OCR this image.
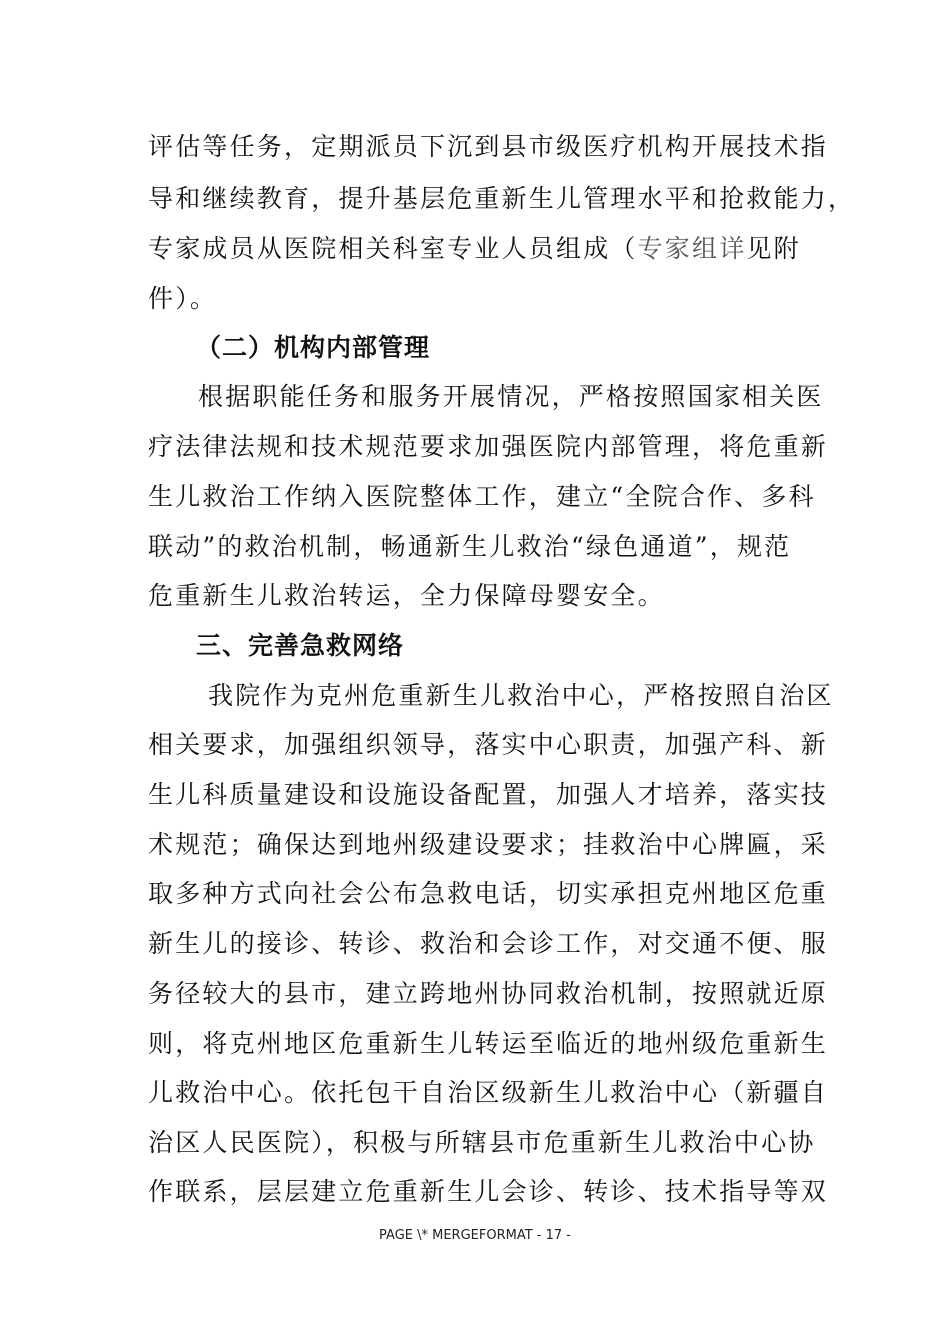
评估等任务，定期派员下沉到县市级医疗机构开展技术指
导和继续教育，提升基层危重新生儿管理水平和抢救能力，
专家成员从医院相关科室专业人员组成（专家组详见附
件）。
（二）机构内部管理
根据职能任务和服务开展情况，严格按照国家相关医
疗法律法规和技术规范要求加强医院内部管理，将危重新
生儿救治工作纳入医院整体工作，建立“全院合作、多科
联动”的救治机制，畅通新生儿救治“绿色通道”，规范
危重新生儿救治转运，全力保障母婴安全。
三、完善急救网络
我院作为克州危重新生儿救治中心，严格按照自治区
相关要求，加强组织领导，落实中心职责，加强产科、新
生儿科质量建设和设施设备配置，加强人才培养，落实技
术规范；确保达到地州级建设要求；挂救治中心牌匾，采
取多种方式向社会公布急救电话，切实承担克州地区危重
新生儿的接诊、转诊、救治和会诊工作，对交通不便、服
务径较大的县市，建立跨地州协同救治机制，按照就近原
则，将克州地区危重新生儿转运至临近的地州级危重新生
儿救治中心。依托包干自治区级新生儿救治中心（新疆自
治区人民医院），积极与所辖县市危重新生儿救治中心协
作联系，层层建立危重新生儿会诊、转诊、技术指导等双
PAGE \* MERGEFORMAT - 17 -
